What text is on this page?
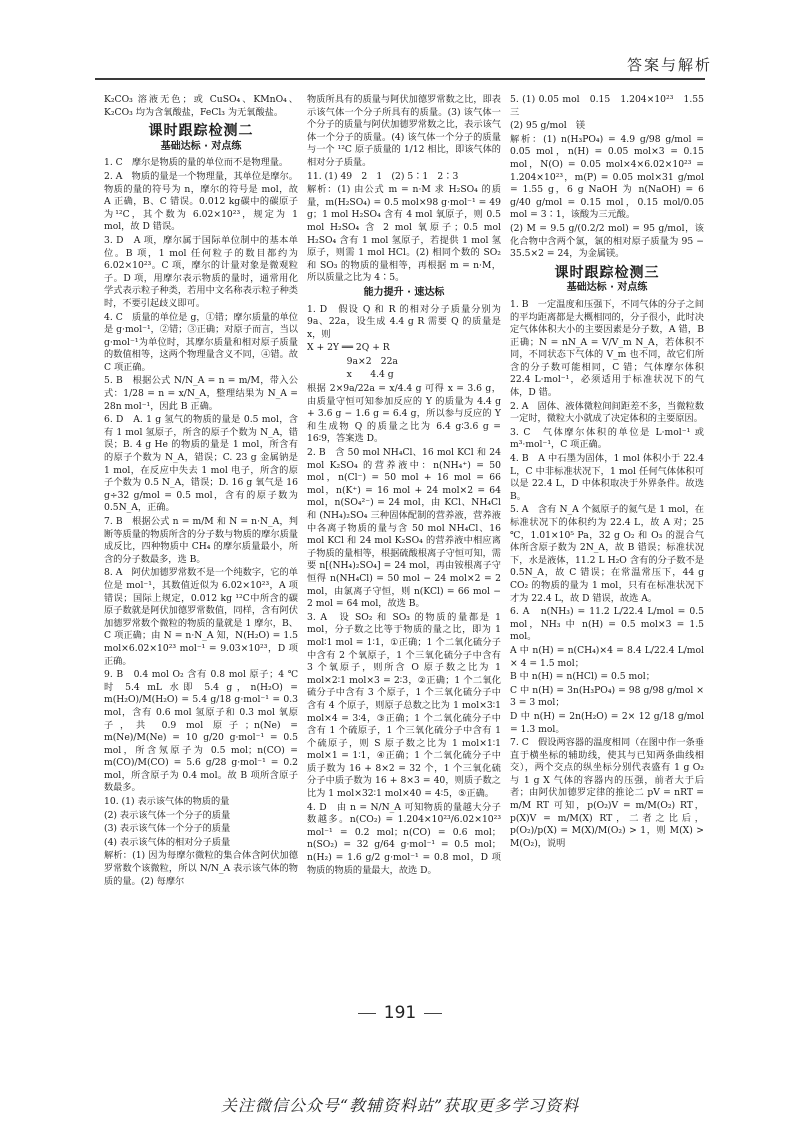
答案与解析

K₂CO₃ 溶液无色；或 CuSO₄、KMnO₄、K₂CO₃ 均为含氧酸盐，FeCl₃ 为无氧酸盐。

课时跟踪检测二
基础达标 · 对点练

1. C　摩尔是物质的量的单位而不是物理量。

2. A　物质的量是一个物理量，其单位是摩尔。物质的量的符号为 n，摩尔的符号是 mol，故 A 正确，B、C 错误。0.012 kg碳中的碳原子为¹²C，其个数为 6.02×10²³，规定为 1 mol，故 D 错误。

3. D　A 项，摩尔属于国际单位制中的基本单位。B 项，1 mol 任何粒子的数目都约为 6.02×10²³。C 项，摩尔的计量对象是微观粒子。D 项，用摩尔表示物质的量时，通常用化学式表示粒子种类，若用中文名称表示粒子种类时，不要引起歧义即可。

4. C　质量的单位是 g，①错；摩尔质量的单位是 g·mol⁻¹，②错；③正确；对原子而言，当以 g·mol⁻¹为单位时，其摩尔质量和相对原子质量的数值相等，这两个物理量含义不同，④错。故 C 项正确。

5. B　根据公式 N/N_A = n = m/M，带入公式：1/28 = n = x/N_A，整理结果为 N_A = 28n mol⁻¹，因此 B 正确。

6. D　A. 1 g 氢气的物质的量是 0.5 mol，含有 1 mol 氢原子，所含的原子个数为 N_A，错误；B. 4 g He 的物质的量是 1 mol，所含有的原子个数为 N_A，错误；C. 23 g 金属钠是 1 mol，在反应中失去 1 mol 电子，所含的原子个数为 0.5 N_A，错误；D. 16 g 氧气是 16 g÷32 g/mol = 0.5 mol，含有的原子数为 0.5N_A，正确。

7. B　根据公式 n = m/M 和 N = n·N_A，判断等质量的物质所含的分子数与物质的摩尔质量成反比，四种物质中 CH₄ 的摩尔质量最小，所含的分子数最多，选 B。

8. A　阿伏加德罗常数不是一个纯数字，它的单位是 mol⁻¹，其数值近似为 6.02×10²³，A 项错误；国际上规定，0.012 kg ¹²C中所含的碳原子数就是阿伏加德罗常数值，同样，含有阿伏加德罗常数个微粒的物质的量就是 1 摩尔，B、C 项正确；由 N = n·N_A 知，N(H₂O) = 1.5 mol×6.02×10²³ mol⁻¹ = 9.03×10²³，D 项正确。

9. B　0.4 mol O₂ 含有 0.8 mol 原子；4 ℃ 时 5.4 mL 水即 5.4 g，n(H₂O) = m(H₂O)/M(H₂O) = 5.4 g/18 g·mol⁻¹ = 0.3 mol，含有 0.6 mol 氢原子和 0.3 mol 氧原子，共 0.9 mol 原子；n(Ne) = m(Ne)/M(Ne) = 10 g/20 g·mol⁻¹ = 0.5 mol，所含氖原子为 0.5 mol；n(CO) = m(CO)/M(CO) = 5.6 g/28 g·mol⁻¹ = 0.2 mol，所含原子为 0.4 mol。故 B 项所含原子数最多。

10. (1) 表示该气体的物质的量

(2) 表示该气体一个分子的质量

(3) 表示该气体一个分子的质量

(4) 表示该气体的相对分子质量

解析：(1) 因为每摩尔微粒的集合体含阿伏加德罗常数个该微粒，所以 N/N_A 表示该气体的物质的量。(2) 每摩尔

物质所具有的质量与阿伏加德罗常数之比，即表示该气体一个分子所具有的质量。(3) 该气体一个分子的质量与阿伏加德罗常数之比，表示该气体一个分子的质量。(4) 该气体一个分子的质量与一个 ¹²C 原子质量的 1/12 相比，即该气体的相对分子质量。

11. (1) 49　2　1　(2) 5∶1　2∶3

解析：(1) 由公式 m = n·M 求 H₂SO₄ 的质量，m(H₂SO₄) = 0.5 mol×98 g·mol⁻¹ = 49 g；1 mol H₂SO₄ 含有 4 mol 氧原子，则 0.5 mol H₂SO₄ 含 2 mol 氧原子；0.5 mol H₂SO₄ 含有 1 mol 氢原子，若提供 1 mol 氢原子，则需 1 mol HCl。(2) 相同个数的 SO₂ 和 SO₃ 的物质的量相等，再根据 m = n·M，所以质量之比为 4∶5。

能力提升 · 速达标

1. D　假设 Q 和 R 的相对分子质量分别为 9a、22a，设生成 4.4 g R 需要 Q 的质量是 x，则

X + 2Y ══ 2Q + R

　　　　 9a×2　22a

　　　　 x　　4.4 g

根据 2×9a/22a = x/4.4 g 可得 x = 3.6 g，由质量守恒可知参加反应的 Y 的质量为 4.4 g + 3.6 g − 1.6 g = 6.4 g，所以参与反应的 Y 和生成物 Q 的质量之比为 6.4 g∶3.6 g = 16∶9，答案选 D。

2. B　含 50 mol NH₄Cl、16 mol KCl 和 24 mol K₂SO₄ 的营养液中：n(NH₄⁺) = 50 mol，n(Cl⁻) = 50 mol + 16 mol = 66 mol，n(K⁺) = 16 mol + 24 mol×2 = 64 mol，n(SO₄²⁻) = 24 mol，由 KCl、NH₄Cl 和 (NH₄)₂SO₄ 三种固体配制的营养液，营养液中各离子物质的量与含 50 mol NH₄Cl、16 mol KCl 和 24 mol K₂SO₄ 的营养液中相应离子物质的量相等，根据硫酸根离子守恒可知，需要 n[(NH₄)₂SO₄] = 24 mol，再由铵根离子守恒得 n(NH₄Cl) = 50 mol − 24 mol×2 = 2 mol，由氯离子守恒，则 n(KCl) = 66 mol − 2 mol = 64 mol，故选 B。

3. A　设 SO₂ 和 SO₃ 的物质的量都是 1 mol，分子数之比等于物质的量之比，即为 1 mol∶1 mol = 1∶1，①正确；1 个二氧化硫分子中含有 2 个氧原子，1 个三氧化硫分子中含有 3 个氧原子，则所含 O 原子数之比为 1 mol×2∶1 mol×3 = 2∶3，②正确；1 个二氧化硫分子中含有 3 个原子，1 个三氧化硫分子中含有 4 个原子，则原子总数之比为 1 mol×3∶1 mol×4 = 3∶4，③正确；1 个二氧化硫分子中含有 1 个硫原子，1 个三氧化硫分子中含有 1 个硫原子，则 S 原子数之比为 1 mol×1∶1 mol×1 = 1∶1，④正确；1 个二氧化硫分子中质子数为 16 + 8×2 = 32 个，1 个三氧化硫分子中质子数为 16 + 8×3 = 40，则质子数之比为 1 mol×32∶1 mol×40 = 4∶5，⑤正确。

4. D　由 n = N/N_A 可知物质的量越大分子数越多。n(CO₂) = 1.204×10²³/6.02×10²³ mol⁻¹ = 0.2 mol；n(CO) = 0.6 mol；n(SO₂) = 32 g/64 g·mol⁻¹ = 0.5 mol；n(H₂) = 1.6 g/2 g·mol⁻¹ = 0.8 mol，D 项物质的物质的量最大，故选 D。

5. (1) 0.05 mol　0.15　1.204×10²³　1.55　三

(2) 95 g/mol　镁

解析：(1) n(H₃PO₄) = 4.9 g/98 g/mol = 0.05 mol，n(H) = 0.05 mol×3 = 0.15 mol，N(O) = 0.05 mol×4×6.02×10²³ = 1.204×10²³，m(P) = 0.05 mol×31 g/mol = 1.55 g，6 g NaOH 为 n(NaOH) = 6 g/40 g/mol = 0.15 mol，0.15 mol/0.05 mol = 3∶1，该酸为三元酸。

(2) M = 9.5 g/(0.2/2 mol) = 95 g/mol，该化合物中含两个氯，氯的相对原子质量为 95 − 35.5×2 = 24，为金属镁。

课时跟踪检测三
基础达标 · 对点练

1. B　一定温度和压强下，不同气体的分子之间的平均距离都是大概相同的，分子很小，此时决定气体体积大小的主要因素是分子数，A 错，B 正确；N = nN_A = V/V_m N_A，若体积不同，不同状态下气体的 V_m 也不同，故它们所含的分子数可能相同，C 错；气体摩尔体积 22.4 L·mol⁻¹，必须适用于标准状况下的气体，D 错。

2. A　固体、液体微粒间间距差不多，当微粒数一定时，微粒大小就成了决定体积的主要原因。

3. C　气体摩尔体积的单位是 L·mol⁻¹ 或 m³·mol⁻¹，C 项正确。

4. B　A 中石墨为固体，1 mol 体积小于 22.4 L，C 中非标准状况下，1 mol 任何气体体积可以是 22.4 L，D 中体积取决于外界条件。故选 B。

5. A　含有 N_A 个氦原子的氦气是 1 mol，在标准状况下的体积约为 22.4 L，故 A 对；25 ℃，1.01×10⁵ Pa，32 g O₂ 和 O₃ 的混合气体所含原子数为 2N_A，故 B 错误；标准状况下，水是液体，11.2 L H₂O 含有的分子数不是 0.5N_A，故 C 错误；在常温常压下，44 g CO₂ 的物质的量为 1 mol，只有在标准状况下才为 22.4 L，故 D 错误，故选 A。

6. A　n(NH₃) = 11.2 L/22.4 L/mol = 0.5 mol，NH₃ 中 n(H) = 0.5 mol×3 = 1.5 mol。

A 中 n(H) = n(CH₄)×4 = 8.4 L/22.4 L/mol × 4 = 1.5 mol；

B 中 n(H) = n(HCl) = 0.5 mol；

C 中 n(H) = 3n(H₃PO₄) = 98 g/98 g/mol × 3 = 3 mol；

D 中 n(H) = 2n(H₂O) = 2× 12 g/18 g/mol = 1.3 mol。

7. C　假设两容器的温度相同（在图中作一条垂直于横坐标的辅助线，使其与已知两条曲线相交），两个交点的纵坐标分别代表盛有 1 g O₂ 与 1 g X 气体的容器内的压强，前者大于后者；由阿伏加德罗定律的推论二 pV = nRT = m/M RT 可知，p(O₂)V = m/M(O₂) RT，p(X)V = m/M(X) RT，二者之比后，p(O₂)/p(X) = M(X)/M(O₂) > 1，则 M(X) > M(O₂)，说明

191
关注微信公众号“教辅资料站”获取更多学习资料
